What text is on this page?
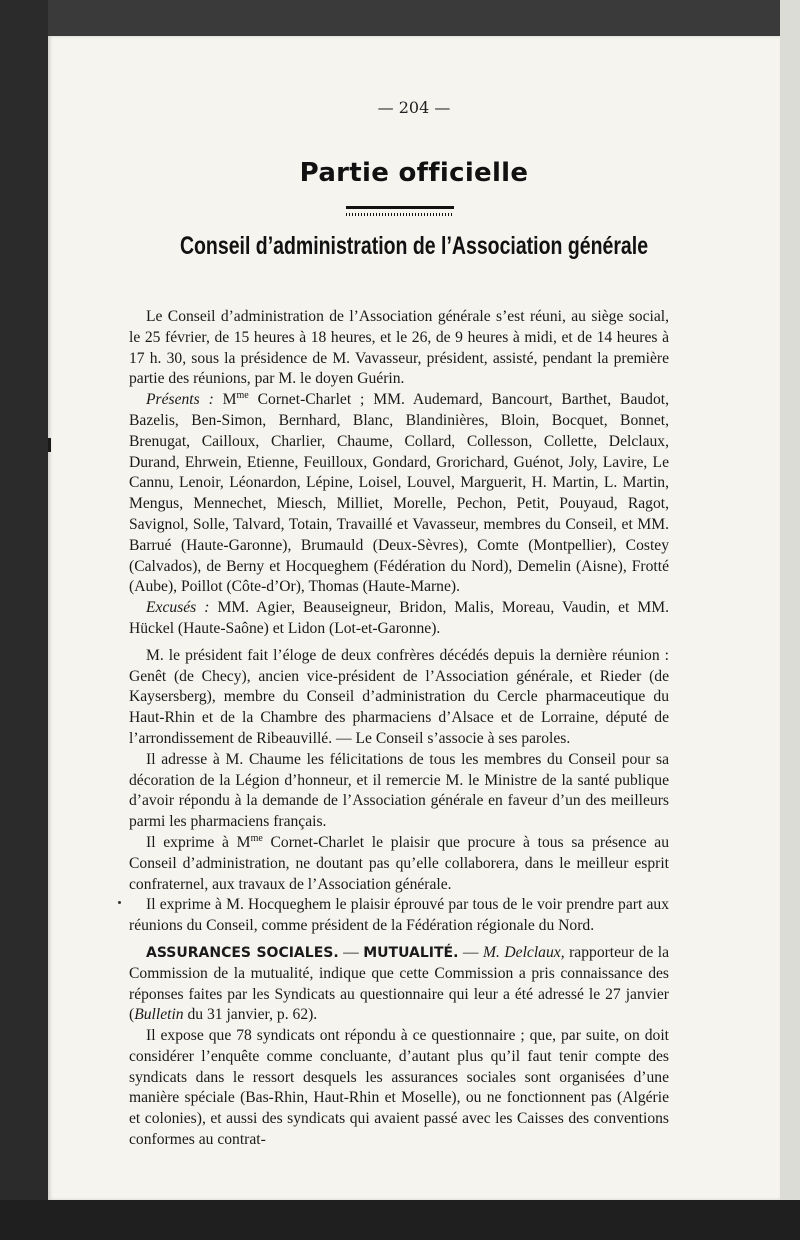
— 204 —
Partie officielle
Conseil d’administration de l’Association générale

Le Conseil d’administration de l’Association générale s’est réuni, au siège social, le 25 février, de 15 heures à 18 heures, et le 26, de 9 heures à midi, et de 14 heures à 17 h. 30, sous la présidence de M. Vavasseur, président, assisté, pendant la première partie des réunions, par M. le doyen Guérin.

Présents : $M^{me}$ Cornet-Charlet ; MM. Audemard, Bancourt, Barthet, Baudot, Bazelis, Ben-Simon, Bernhard, Blanc, Blandinières, Bloin, Bocquet, Bonnet, Brenugat, Cailloux, Charlier, Chaume, Collard, Collesson, Collette, Delclaux, Durand, Ehrwein, Etienne, Feuilloux, Gondard, Grorichard, Guénot, Joly, Lavire, Le Cannu, Lenoir, Léonardon, Lépine, Loisel, Louvel, Marguerit, H. Martin, L. Martin, Mengus, Mennechet, Miesch, Milliet, Morelle, Pechon, Petit, Pouyaud, Ragot, Savignol, Solle, Talvard, Totain, Travaillé et Vavasseur, membres du Conseil, et MM. Barrué (Haute-Garonne), Brumauld (Deux-Sèvres), Comte (Montpellier), Costey (Calvados), de Berny et Hocqueghem (Fédération du Nord), Demelin (Aisne), Frotté (Aube), Poillot (Côte-d’Or), Thomas (Haute-Marne).

Excusés : MM. Agier, Beauseigneur, Bridon, Malis, Moreau, Vaudin, et MM. Hückel (Haute-Saône) et Lidon (Lot-et-Garonne).

M. le président fait l’éloge de deux confrères décédés depuis la dernière réunion : Genêt (de Checy), ancien vice-président de l’Association générale, et Rieder (de Kaysersberg), membre du Conseil d’administration du Cercle pharmaceutique du Haut-Rhin et de la Chambre des pharmaciens d’Alsace et de Lorraine, député de l’arrondissement de Ribeauvillé. — Le Conseil s’associe à ses paroles.

Il adresse à M. Chaume les félicitations de tous les membres du Conseil pour sa décoration de la Légion d’honneur, et il remercie M. le Ministre de la santé publique d’avoir répondu à la demande de l’Association générale en faveur d’un des meilleurs parmi les pharmaciens français.

Il exprime à $M^{me}$ Cornet-Charlet le plaisir que procure à tous sa présence au Conseil d’administration, ne doutant pas qu’elle collaborera, dans le meilleur esprit confraternel, aux travaux de l’Association générale.

Il exprime à M. Hocqueghem le plaisir éprouvé par tous de le voir prendre part aux réunions du Conseil, comme président de la Fédération régionale du Nord.

ASSURANCES SOCIALES. — MUTUALITÉ. — M. Delclaux, rapporteur de la Commission de la mutualité, indique que cette Commission a pris connaissance des réponses faites par les Syndicats au questionnaire qui leur a été adressé le 27 janvier (Bulletin du 31 janvier, p. 62).

Il expose que 78 syndicats ont répondu à ce questionnaire ; que, par suite, on doit considérer l’enquête comme concluante, d’autant plus qu’il faut tenir compte des syndicats dans le ressort desquels les assurances sociales sont organisées d’une manière spéciale (Bas-Rhin, Haut-Rhin et Moselle), ou ne fonctionnent pas (Algérie et colonies), et aussi des syndicats qui avaient passé avec les Caisses des conventions conformes au contrat-
